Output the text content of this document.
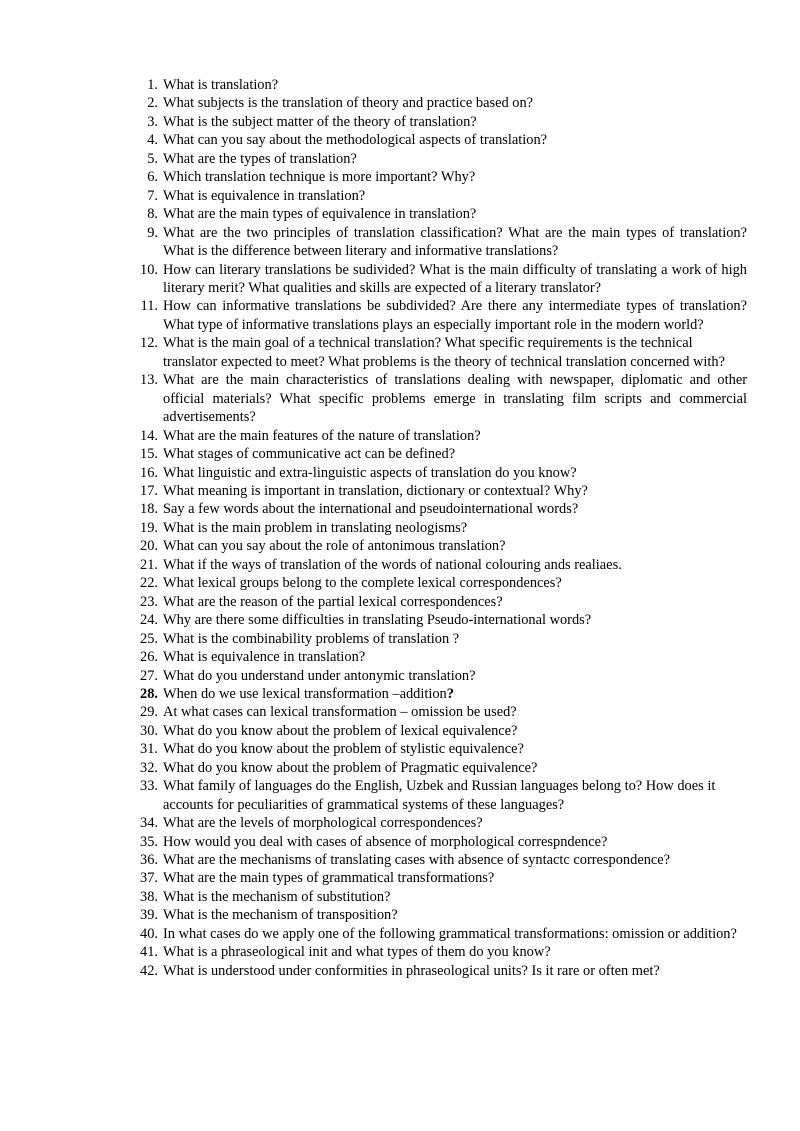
1. What is translation?
2. What subjects is the translation of theory and practice based on?
3. What is the subject matter of the theory of translation?
4. What can you say about the methodological aspects of translation?
5. What are the types of translation?
6. Which translation technique is more important? Why?
7. What is equivalence in translation?
8. What are the main types of equivalence in translation?
9. What are the two principles of translation classification? What are the main types of translation? What is the difference between literary and informative translations?
10. How can literary translations be sudivided? What is the main difficulty of translating a work of high literary merit? What qualities and skills are expected of a literary translator?
11. How can informative translations be subdivided? Are there any intermediate types of translation? What type of informative translations plays an especially important role in the modern world?
12. What is the main goal of a technical translation? What specific requirements is the technical translator expected to meet? What problems is the theory of technical translation concerned with?
13. What are the main characteristics of translations dealing with newspaper, diplomatic and other official materials? What specific problems emerge in translating film scripts and commercial advertisements?
14. What are the main features of the nature of translation?
15. What stages of communicative act can be defined?
16. What linguistic and extra-linguistic aspects of translation do you know?
17. What meaning is important in translation, dictionary or contextual? Why?
18. Say a few words about the international and pseudointernational words?
19. What is the main problem in translating neologisms?
20. What can you say about the role of antonimous translation?
21. What if the ways of translation of the words of national colouring ands realiaes.
22. What lexical groups belong to the complete lexical correspondences?
23. What are the reason of the partial lexical correspondences?
24. Why are there some difficulties in translating Pseudo-international words?
25. What is the combinability problems of translation ?
26. What is equivalence in translation?
27. What do you understand under antonymic translation?
28. When do we use lexical transformation –addition?
29. At what cases can lexical transformation – omission be used?
30. What do you know about the problem of lexical equivalence?
31. What do you know about the problem of stylistic equivalence?
32. What do you know about the problem of Pragmatic equivalence?
33. What family of languages do the English, Uzbek and Russian languages belong to? How does it accounts for peculiarities of grammatical systems of these languages?
34. What are the levels of morphological correspondences?
35. How would you deal with cases of absence of morphological correspndence?
36. What are the mechanisms of translating cases with absence of syntactc correspondence?
37. What are the main types of grammatical transformations?
38. What is the mechanism of substitution?
39. What is the mechanism of transposition?
40. In what cases do we apply one of the following grammatical transformations: omission or addition?
41. What is a phraseological init and what types of them do you know?
42. What is understood under conformities in phraseological units? Is it rare or often met?
